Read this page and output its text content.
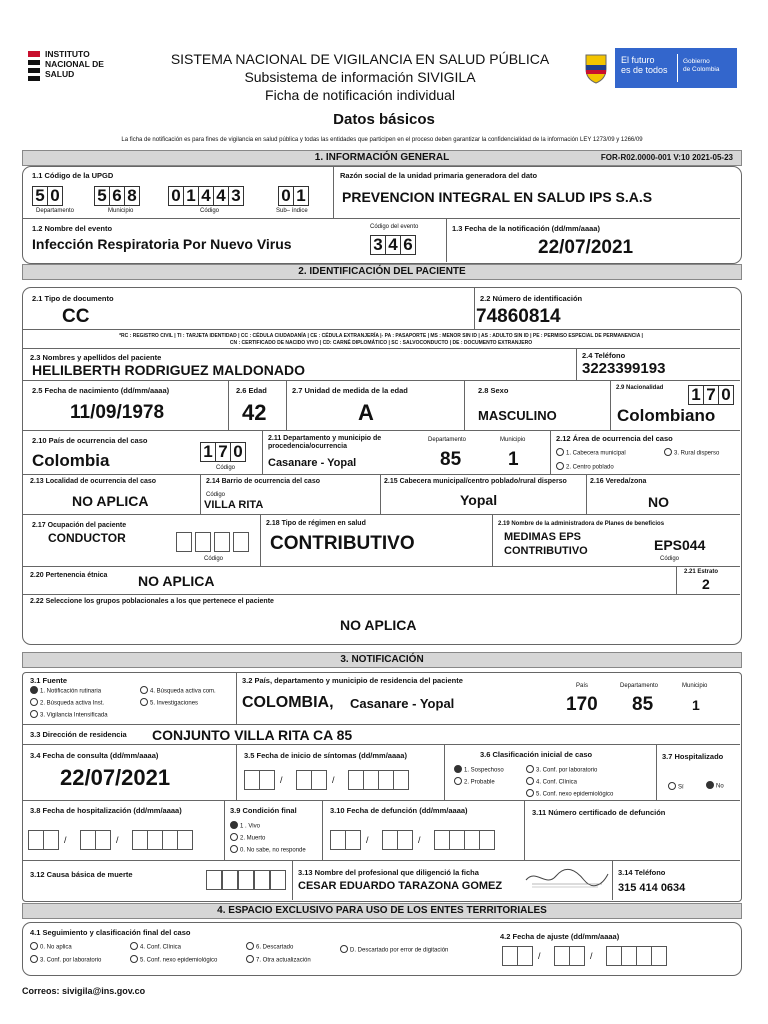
INSTITUTO
NACIONAL DE
SALUD
SISTEMA NACIONAL DE VIGILANCIA EN SALUD PÚBLICA
Subsistema de información SIVIGILA
Ficha de notificación individual
El futuro
es de todos
Gobierno
de Colombia
Datos básicos
La ficha de notificación es para fines de vigilancia en salud pública y todas las entidades que participen en el proceso deben garantizar la confidencialidad de la información LEY 1273/09 y 1266/09
1. INFORMACIÓN GENERAL	FOR-R02.0000-001 V:10 2021-05-23
1.1 Código de la UPGD
5 0 5 6 8 0 1 4 4 3 0 1
Departamento	Municipio	Código	Sub– índice
Razón social de la unidad primaria generadora del dato
PREVENCION INTEGRAL EN SALUD IPS S.A.S
1.2 Nombre del evento
Infección Respiratoria Por Nuevo Virus
Código del evento
3 4 6
1.3 Fecha de la notificación (dd/mm/aaaa)
22/07/2021
2. IDENTIFICACIÓN DEL PACIENTE
2.1 Tipo de documento
CC
2.2 Número de identificación
74860814
*RC : REGISTRO CIVIL | TI : TARJETA IDENTIDAD | CC : CÉDULA CIUDADANÍA | CE : CÉDULA EXTRANJERÍA |- PA : PASAPORTE | MS : MENOR SIN ID | AS : ADULTO SIN ID | PE : PERMISO ESPECIAL DE PERMANENCIA |
CN : CERTIFICADO DE NACIDO VIVO | CD: CARNÉ DIPLOMÁTICO | SC : SALVOCONDUCTO | DE : DOCUMENTO EXTRANJERO
2.3 Nombres y apellidos del paciente
HELILBERTH RODRIGUEZ MALDONADO
2.4 Teléfono
3223399193
2.5 Fecha de nacimiento (dd/mm/aaaa)
11/09/1978
2.6 Edad
42
2.7 Unidad de medida de la edad
A
2.8 Sexo
MASCULINO
2.9 Nacionalidad 1 7 0
Colombiano
2.10 País de ocurrencia del caso
Colombia	1 7 0
Código
2.11 Departamento y municipio de procedencia/ocurrencia
Casanare - Yopal
Departamento	Municipio
85 1
2.12 Área de ocurrencia del caso
1. Cabecera municipal	3. Rural disperso
2. Centro poblado
2.13 Localidad de ocurrencia del caso
NO APLICA
2.14 Barrio de ocurrencia del caso
Código
VILLA RITA
2.15 Cabecera municipal/centro poblado/rural disperso
Yopal
2.16 Vereda/zona
NO
2.17 Ocupación del paciente
CONDUCTOR
Código
2.18 Tipo de régimen en salud
CONTRIBUTIVO
2.19 Nombre de la administradora de Planes de beneficios
MEDIMAS EPS
CONTRIBUTIVO	EPS044
Código
2.20 Pertenencia étnica NO APLICA
2.21 Estrato
2
2.22 Seleccione los grupos poblacionales a los que pertenece el paciente
NO APLICA
3. NOTIFICACIÓN
3.1 Fuente
1. Notificación rutinaria	4. Búsqueda activa com.
2. Búsqueda activa Inst.	5. Investigaciones
3. Vigilancia Intensificada
3.2 País, departamento y municipio de residencia del paciente
COLOMBIA, Casanare - Yopal
País	Departamento	Municipio
170 85	1
3.3 Dirección de residencia CONJUNTO VILLA RITA CA 85
3.4 Fecha de consulta (dd/mm/aaaa)
22/07/2021
3.5 Fecha de inicio de síntomas (dd/mm/aaaa)
/	/
3.6 Clasificación inicial de caso
1. Sospechoso	3. Conf. por laboratorio
2. Probable	4. Conf. Clínica
5. Conf. nexo epidemiológico
3.7 Hospitalizado
Sí	No
3.8 Fecha de hospitalización (dd/mm/aaaa)
/	/
3.9 Condición final
1 . Vivo
2. Muerto
0. No sabe, no responde
3.10 Fecha de defunción (dd/mm/aaaa)
/	/
3.11 Número certificado de defunción
3.12 Causa básica de muerte	3.13 Nombre del profesional que diligenció la ficha
CESAR EDUARDO TARAZONA GOMEZ
3.14 Teléfono
315 414 0634
4. ESPACIO EXCLUSIVO PARA USO DE LOS ENTES TERRITORIALES
4.1 Seguimiento y clasificación final del caso
0. No aplica	4. Conf. Clínica	6. Descartado	D. Descartado por error de digitación
3. Conf. por laboratorio	5. Conf. nexo epidemiológico	7. Otra actualización
4.2 Fecha de ajuste (dd/mm/aaaa)
/	/
Correos: sivigila@ins.gov.co
